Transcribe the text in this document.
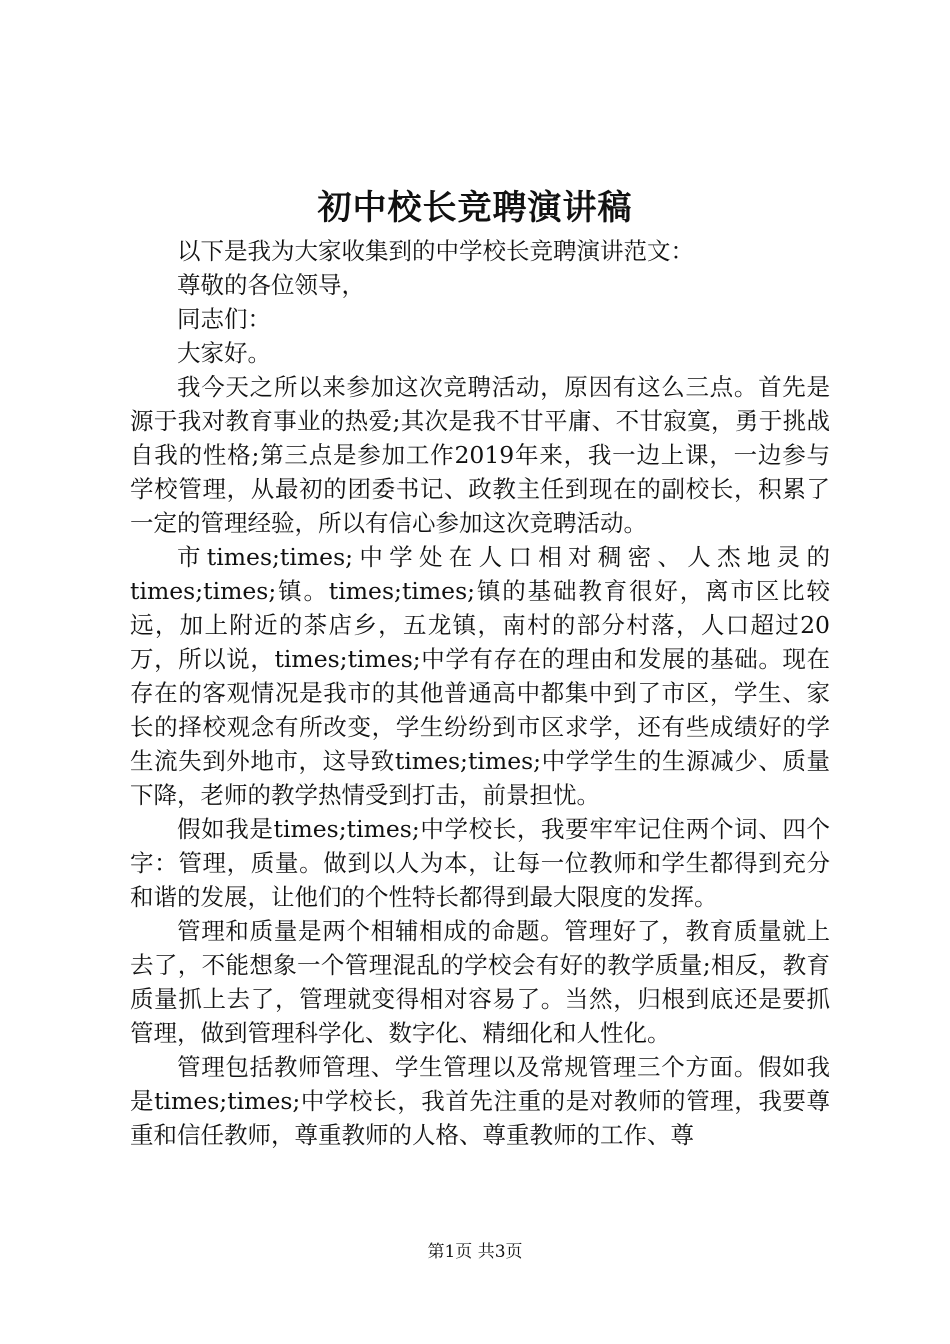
初中校长竞聘演讲稿

以下是我为大家收集到的中学校长竞聘演讲范文：

尊敬的各位领导，

同志们：

大家好。

我今天之所以来参加这次竞聘活动，原因有这么三点。首先是源于我对教育事业的热爱;其次是我不甘平庸、不甘寂寞，勇于挑战自我的性格;第三点是参加工作2019年来，我一边上课，一边参与学校管理，从最初的团委书记、政教主任到现在的副校长，积累了一定的管理经验，所以有信心参加这次竞聘活动。

市times;times;中学处在人口相对稠密、人杰地灵的times;times;镇。times;times;镇的基础教育很好，离市区比较远，加上附近的茶店乡，五龙镇，南村的部分村落，人口超过20万，所以说，times;times;中学有存在的理由和发展的基础。现在存在的客观情况是我市的其他普通高中都集中到了市区，学生、家长的择校观念有所改变，学生纷纷到市区求学，还有些成绩好的学生流失到外地市，这导致times;times;中学学生的生源减少、质量下降，老师的教学热情受到打击，前景担忧。

假如我是times;times;中学校长，我要牢牢记住两个词、四个字：管理，质量。做到以人为本，让每一位教师和学生都得到充分和谐的发展，让他们的个性特长都得到最大限度的发挥。

管理和质量是两个相辅相成的命题。管理好了，教育质量就上去了，不能想象一个管理混乱的学校会有好的教学质量;相反，教育质量抓上去了，管理就变得相对容易了。当然，归根到底还是要抓管理，做到管理科学化、数字化、精细化和人性化。

管理包括教师管理、学生管理以及常规管理三个方面。假如我是times;times;中学校长，我首先注重的是对教师的管理，我要尊重和信任教师，尊重教师的人格、尊重教师的工作、尊

第1页 共3页
